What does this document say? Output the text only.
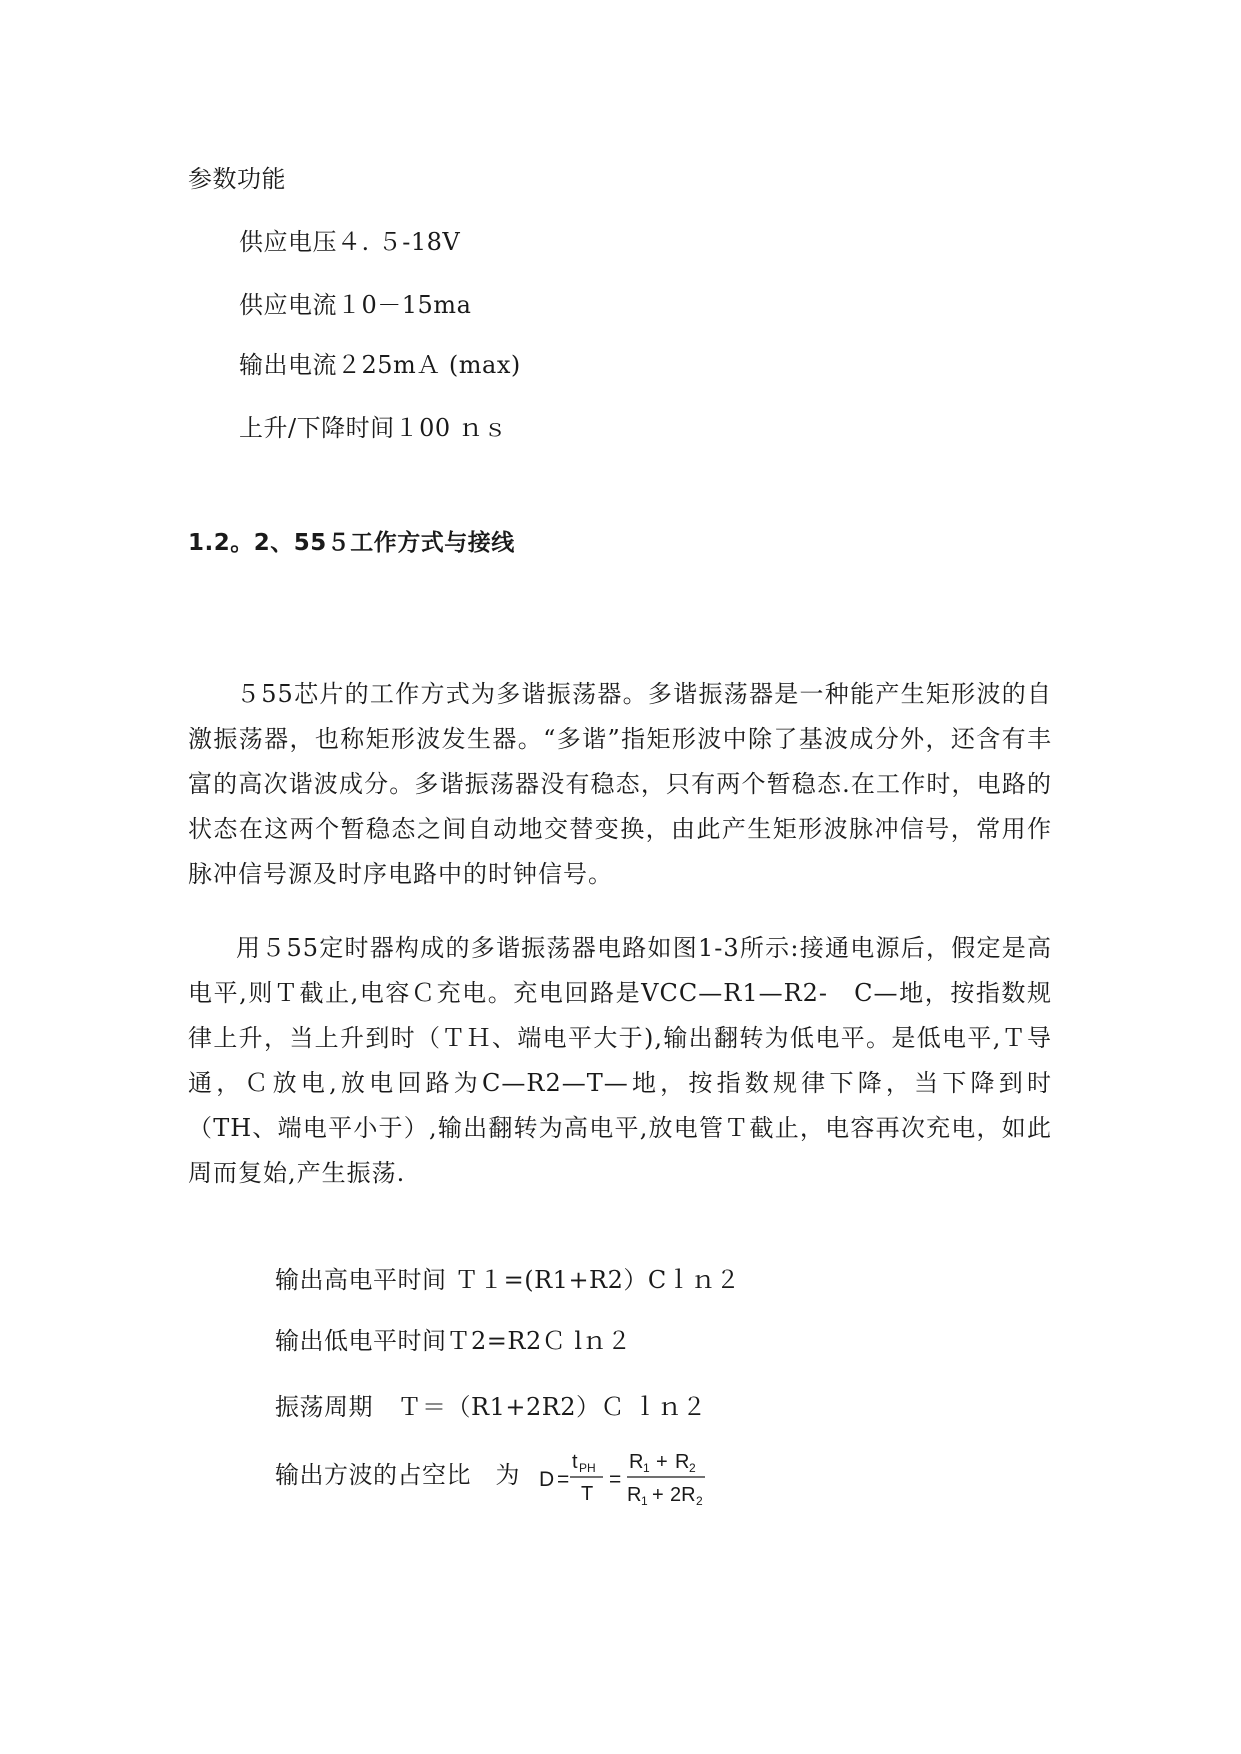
参数功能
供应电压４. ５-18V
供应电流１0－15ma
输出电流２25mＡ (max)
上升/下降时间１00 ｎｓ
1.2。2、55５工作方式与接线

５55芯片的工作方式为多谐振荡器。多谐振荡器是一种能产生矩形波的自激振荡器，也称矩形波发生器。“多谐”指矩形波中除了基波成分外，还含有丰富的高次谐波成分。多谐振荡器没有稳态，只有两个暂稳态.在工作时，电路的状态在这两个暂稳态之间自动地交替变换，由此产生矩形波脉冲信号，常用作脉冲信号源及时序电路中的时钟信号。

用５55定时器构成的多谐振荡器电路如图1-3所示:接通电源后，假定是高电平,则Ｔ截止,电容Ｃ充电。充电回路是VCC—R1—R2-　C—地，按指数规律上升，当上升到时（ＴＨ、端电平大于),输出翻转为低电平。是低电平,Ｔ导通，Ｃ放电,放电回路为C—R2—T—地，按指数规律下降，当下降到时（TH、端电平小于）,输出翻转为高电平,放电管Ｔ截止，电容再次充电，如此周而复始,产生振荡.

输出高电平时间 Ｔ１=(R1+R2）Cｌｎ２
输出低电平时间Ｔ2=R2Ｃ lｎ２
振荡周期　Ｔ＝（R1+2R2）Ｃ ｌｎ２
输出方波的占空比　为 D =
t PH
T
=
R 1 + R 2
R 1 + 2R 2
